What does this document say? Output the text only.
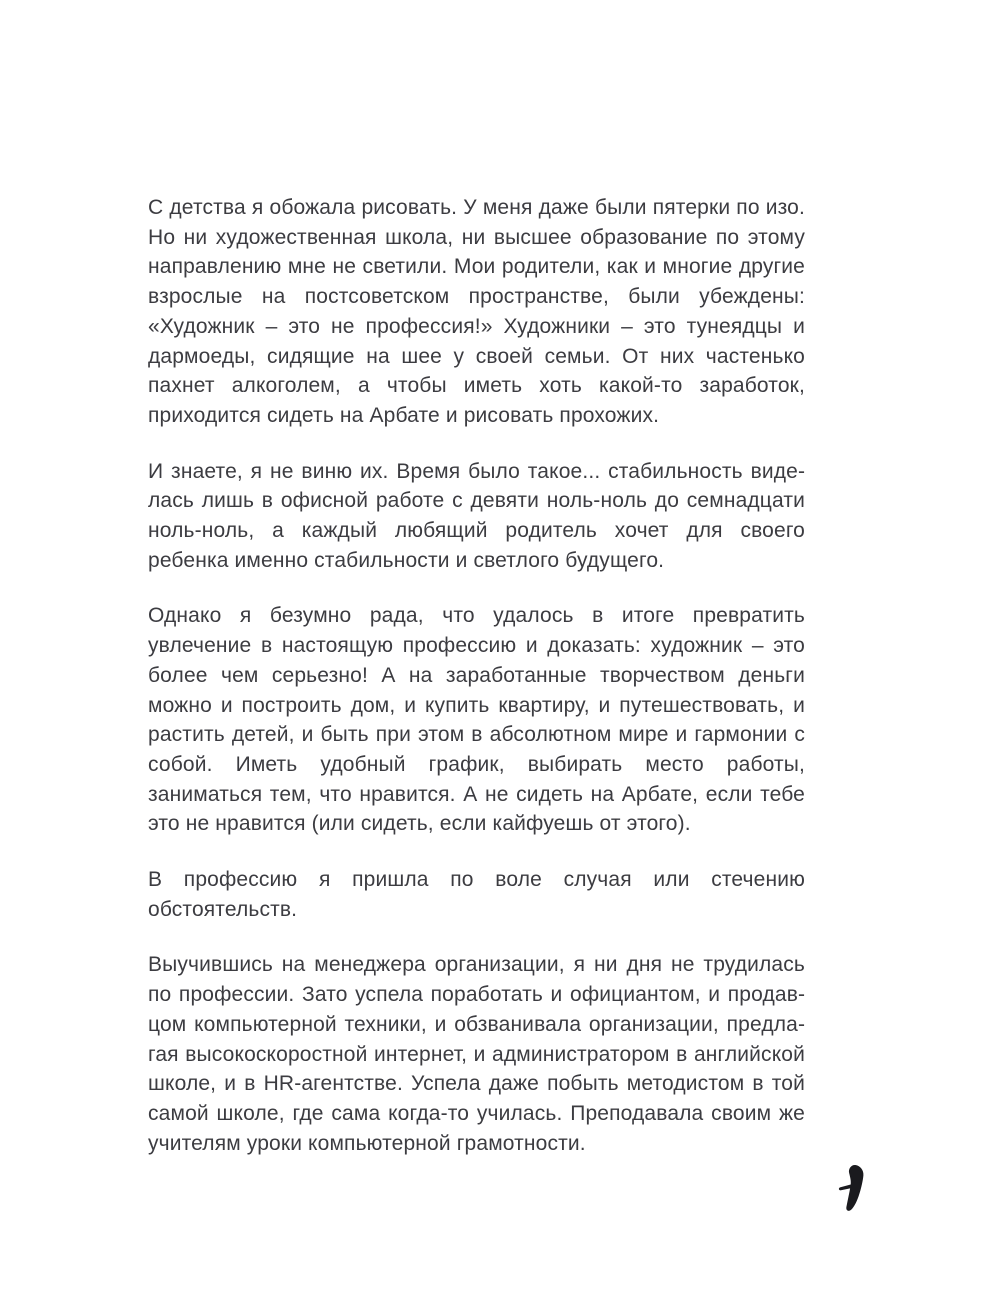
С детства я обожала рисовать. У меня даже были пятерки по изо. Но ни художественная школа, ни высшее образование по этому направлению мне не светили. Мои родители, как и многие другие взрослые на постсоветском пространстве, были убеждены: «Художник – это не профессия!» Художники – это тунеядцы и дармоеды, сидящие на шее у своей семьи. От них частенько пахнет алкоголем, а чтобы иметь хоть какой-то заработок, приходится сидеть на Арбате и рисовать прохожих.

И знаете, я не виню их. Время было такое... стабильность виделась лишь в офисной работе с девяти ноль-ноль до семнадцати ноль-ноль, а каждый любящий родитель хочет для своего ребенка именно стабильности и светлого будущего.

Однако я безумно рада, что удалось в итоге превратить увлечение в настоящую профессию и доказать: художник – это более чем серьезно! А на заработанные творчеством деньги можно и построить дом, и купить квартиру, и путешествовать, и растить детей, и быть при этом в абсолютном мире и гармонии с собой. Иметь удобный график, выбирать место работы, заниматься тем, что нравится. А не сидеть на Арбате, если тебе это не нравится (или сидеть, если кайфуешь от этого).

В профессию я пришла по воле случая или стечению обстоятельств.

Выучившись на менеджера организации, я ни дня не трудилась по профессии. Зато успела поработать и официантом, и продавцом компьютерной техники, и обзванивала организации, предлагая высокоскоростной интернет, и администратором в английской школе, и в HR-агентстве. Успела даже побыть методистом в той самой школе, где сама когда-то училась. Преподавала своим же учителям уроки компьютерной грамотности.
